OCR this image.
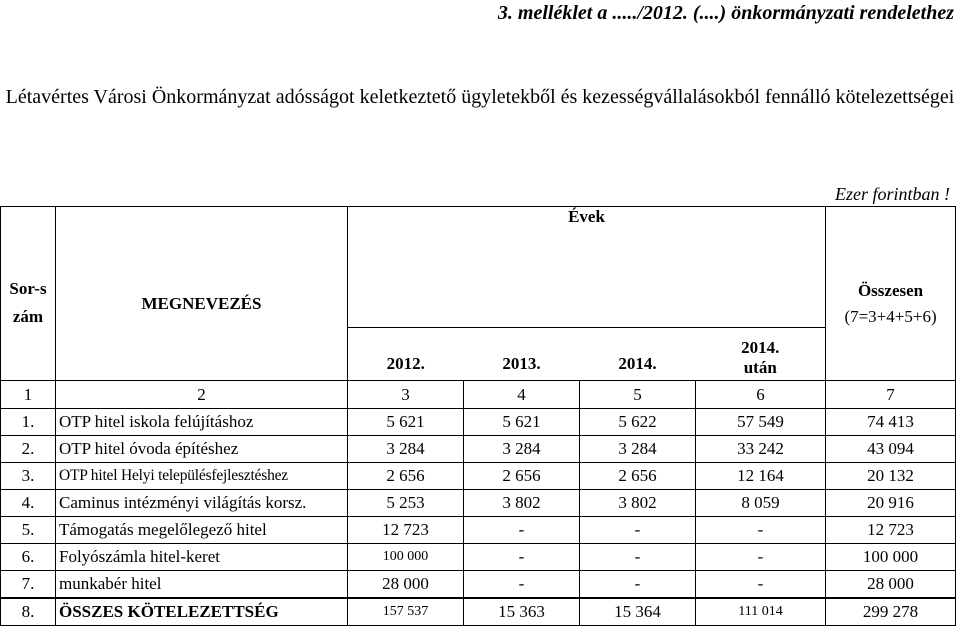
3. melléklet a ...../2012. (....) önkormányzati rendelethez
Létavértes Városi Önkormányzat adósságot keletkeztető ügyletekből és kezességvállalásokból fennálló kötelezettségei
Ezer forintban !
Sor-szám	MEGNEVEZÉS	Évek				Összesen
(7=3+4+5+6)

		2012.	2013.	2014.	2014.
után	

1	2	3	4	5	6	7
1.	OTP hitel iskola felújításhoz	5 621	5 621	5 622	57 549	74 413
2.	OTP hitel óvoda építéshez	3 284	3 284	3 284	33 242	43 094
3.	OTP hitel Helyi településfejlesztéshez	2 656	2 656	2 656	12 164	20 132
4.	Caminus intézményi világítás korsz.	5 253	3 802	3 802	8 059	20 916
5.	Támogatás megelőlegező hitel	12 723	-	-	-	12 723
6.	Folyószámla hitel-keret	100 000	-	-	-	100 000
7.	munkabér hitel	28 000	-	-	-	28 000
8.	ÖSSZES KÖTELEZETTSÉG	157 537	15 363	15 364	111 014	299 278
